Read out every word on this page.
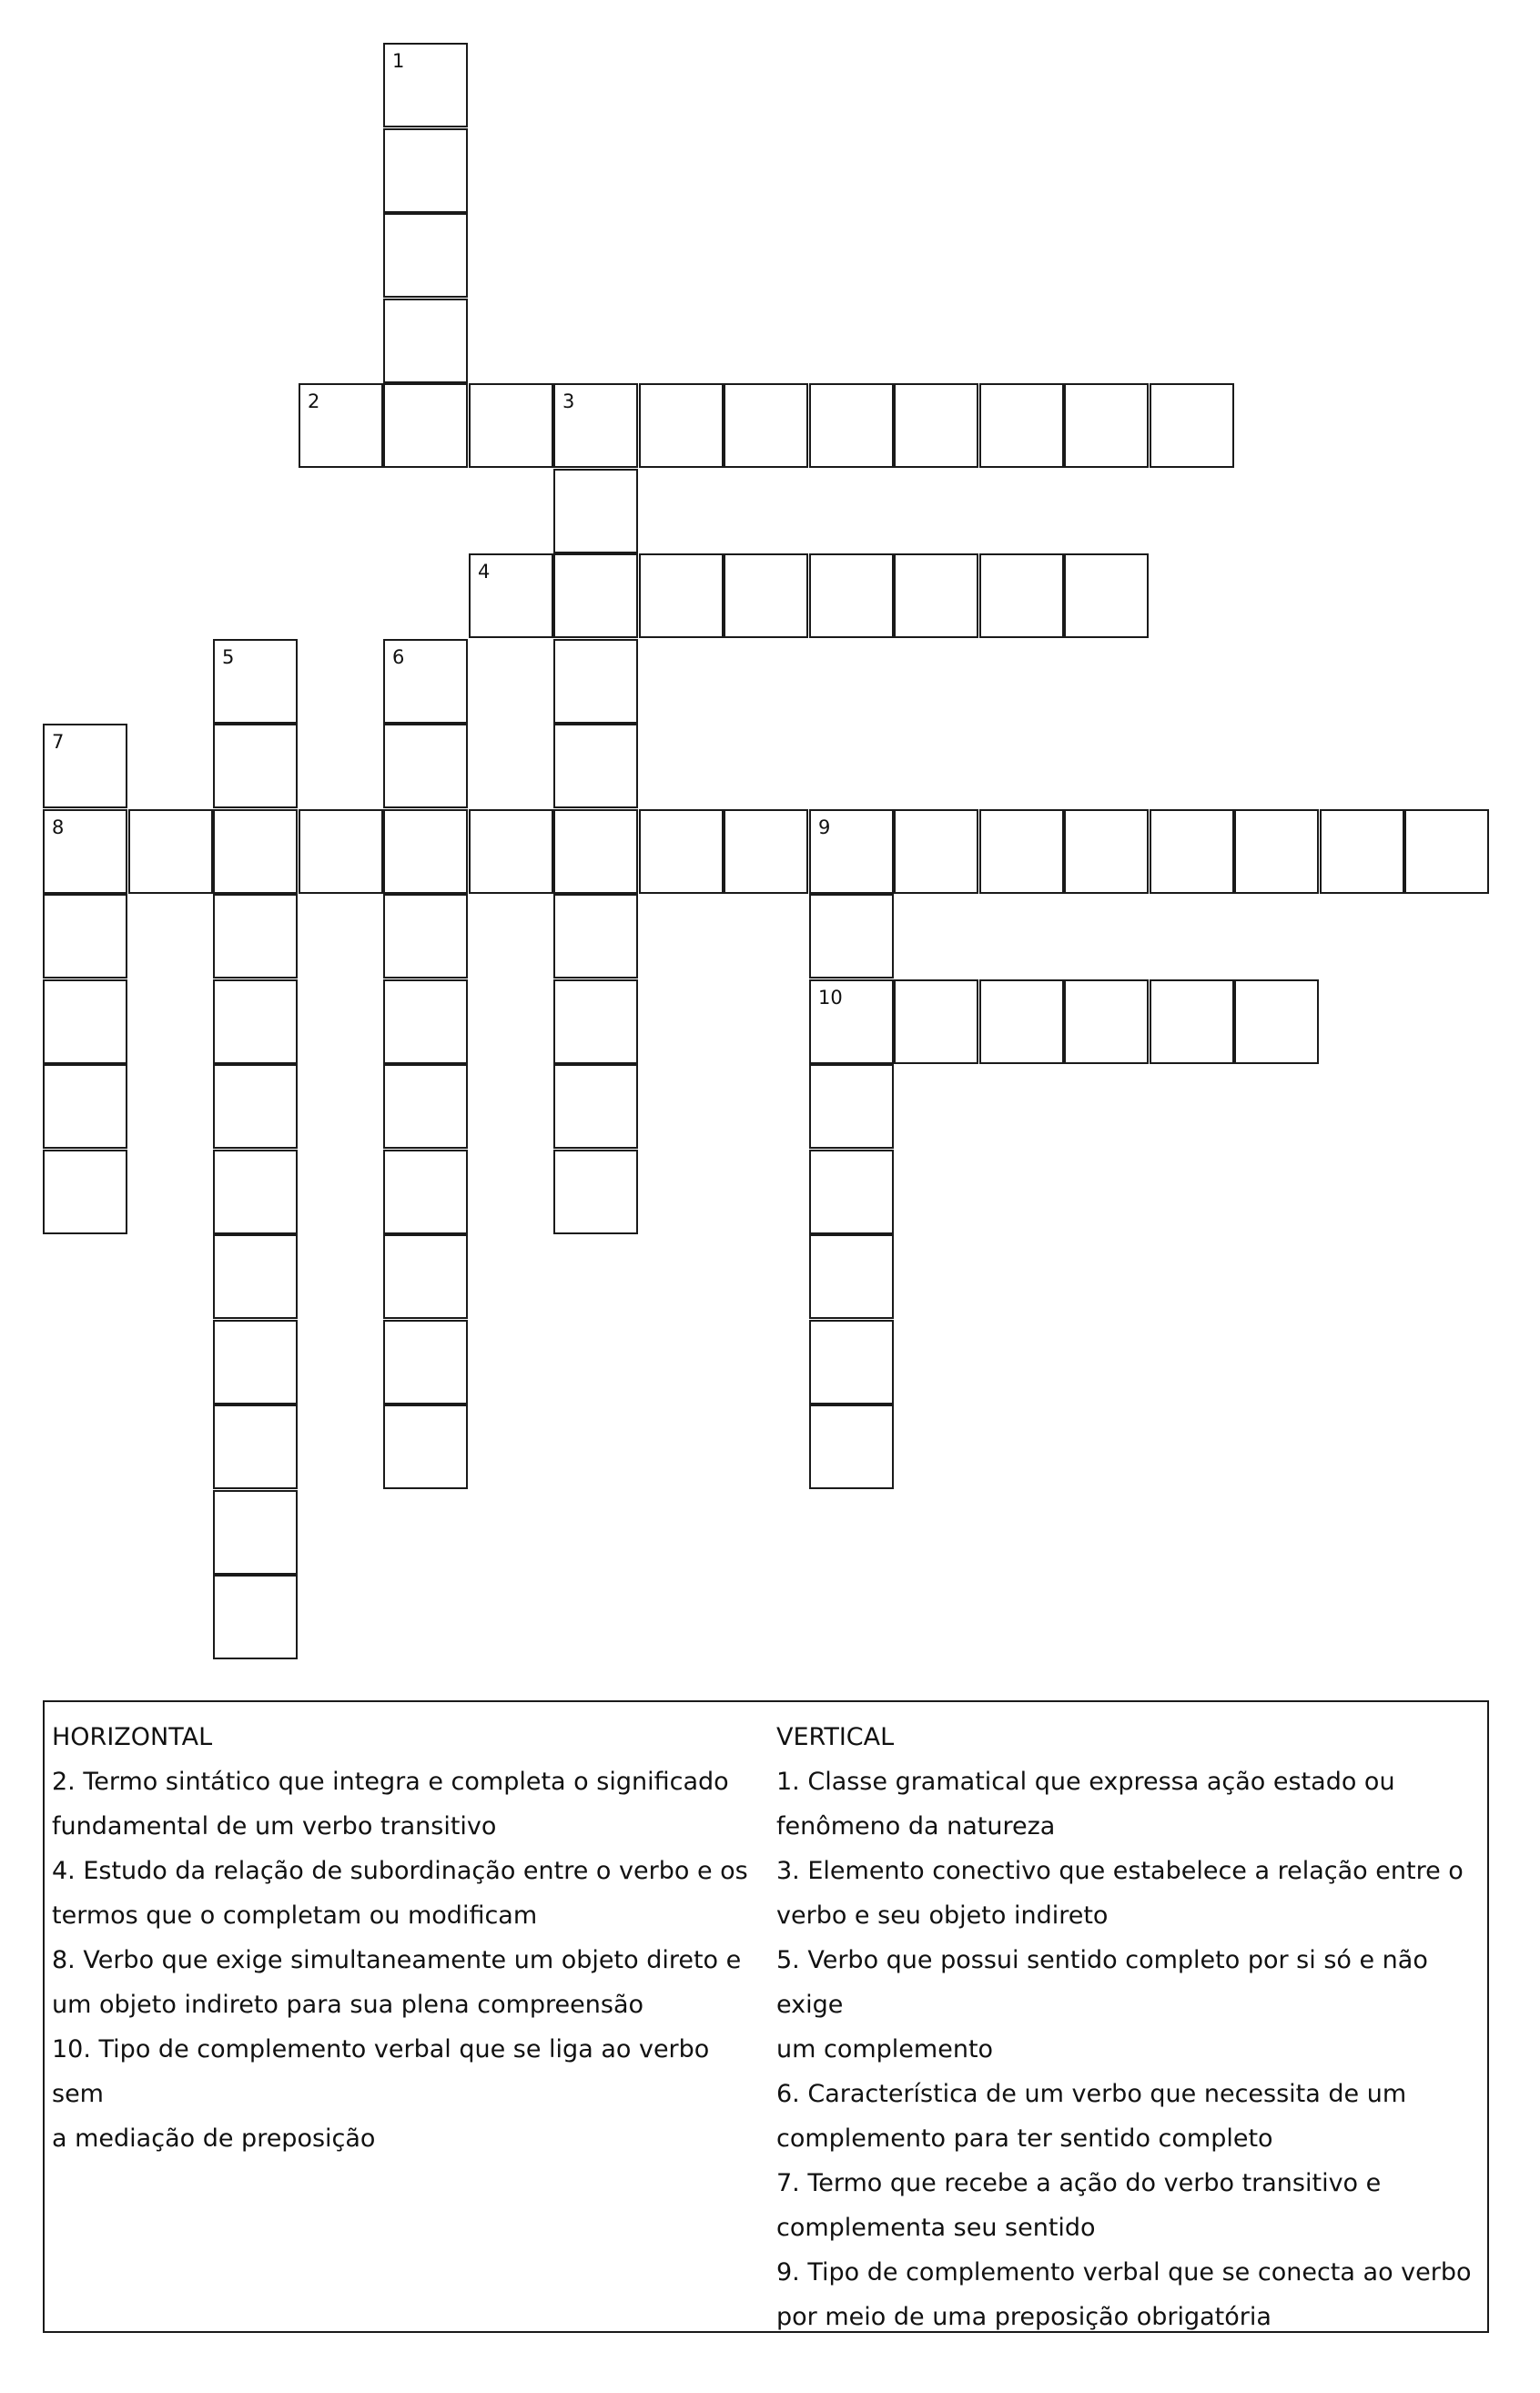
1
2	3
4
5	6
7
8	9
10

HORIZONTAL

2. Termo sintático que integra e completa o significado

fundamental de um verbo transitivo

4. Estudo da relação de subordinação entre o verbo e os

termos que o completam ou modificam

8. Verbo que exige simultaneamente um objeto direto e

um objeto indireto para sua plena compreensão

10. Tipo de complemento verbal que se liga ao verbo sem

a mediação de preposição

VERTICAL

1. Classe gramatical que expressa ação estado ou

fenômeno da natureza

3. Elemento conectivo que estabelece a relação entre o

verbo e seu objeto indireto

5. Verbo que possui sentido completo por si só e não exige

um complemento

6. Característica de um verbo que necessita de um

complemento para ter sentido completo

7. Termo que recebe a ação do verbo transitivo e

complementa seu sentido

9. Tipo de complemento verbal que se conecta ao verbo

por meio de uma preposição obrigatória
